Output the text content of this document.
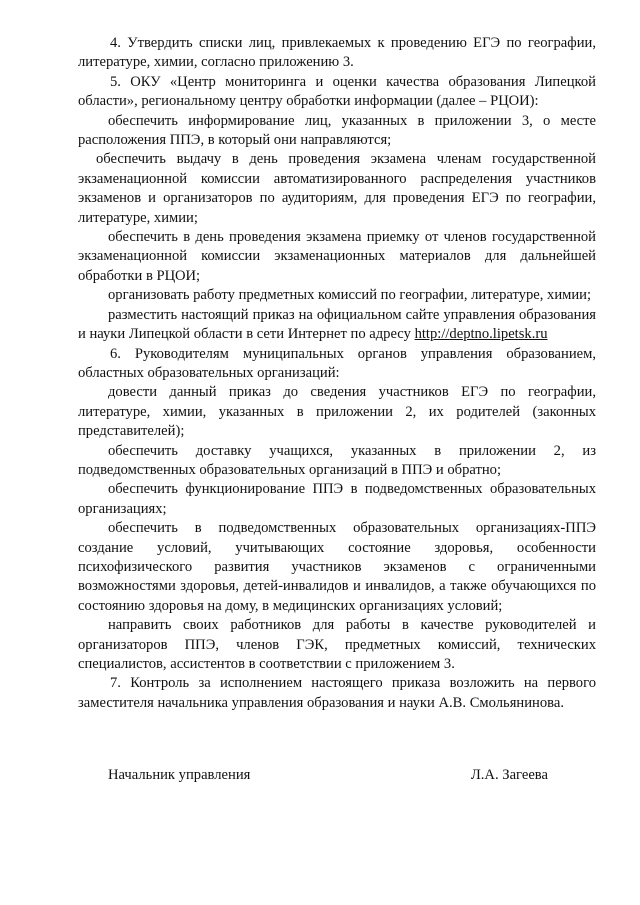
4. Утвердить списки лиц, привлекаемых к проведению ЕГЭ по географии, литературе, химии, согласно приложению 3.

5. ОКУ «Центр мониторинга и оценки качества образования Липецкой области», региональному центру обработки информации (далее – РЦОИ):

обеспечить информирование лиц, указанных в приложении 3, о месте расположения ППЭ, в который они направляются;

обеспечить выдачу в день проведения экзамена членам государственной экзаменационной комиссии автоматизированного распределения участников экзаменов и организаторов по аудиториям, для проведения ЕГЭ по географии, литературе, химии;

обеспечить в день проведения экзамена приемку от членов государственной экзаменационной комиссии экзаменационных материалов для дальнейшей обработки в РЦОИ;

организовать работу предметных комиссий по географии, литературе, химии;

разместить настоящий приказ на официальном сайте управления образования и науки Липецкой области в сети Интернет по адресу http://deptno.lipetsk.ru

6. Руководителям муниципальных органов управления образованием, областных образовательных организаций:

довести данный приказ до сведения участников ЕГЭ по географии, литературе, химии, указанных в приложении 2, их родителей (законных представителей);

обеспечить доставку учащихся, указанных в приложении 2, из подведомственных образовательных организаций в ППЭ и обратно;

обеспечить функционирование ППЭ в подведомственных образовательных организациях;

обеспечить в подведомственных образовательных организациях-ППЭ создание условий, учитывающих состояние здоровья, особенности психофизического развития участников экзаменов с ограниченными возможностями здоровья, детей-инвалидов и инвалидов, а также обучающихся по состоянию здоровья на дому, в медицинских организациях условий;

направить своих работников для работы в качестве руководителей и организаторов ППЭ, членов ГЭК, предметных комиссий, технических специалистов, ассистентов в соответствии с приложением 3.

7. Контроль за исполнением настоящего приказа возложить на первого заместителя начальника управления образования и науки А.В. Смольянинова.

Начальник управления	Л.А. Загеева
